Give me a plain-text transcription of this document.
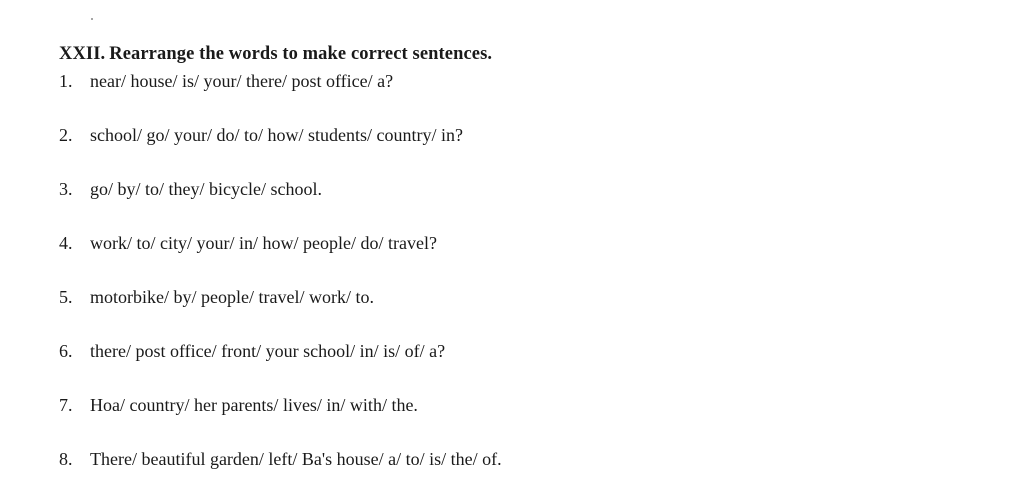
XXII. Rearrange the words to make correct sentences.
1. near/ house/ is/ your/ there/ post office/ a?
2. school/ go/ your/ do/ to/ how/ students/ country/ in?
3. go/ by/ to/ they/ bicycle/ school.
4. work/ to/ city/ your/ in/ how/ people/ do/ travel?
5. motorbike/ by/ people/ travel/ work/ to.
6. there/ post office/ front/ your school/ in/ is/ of/ a?
7. Hoa/ country/ her parents/ lives/ in/ with/ the.
8. There/ beautiful garden/ left/ Ba's house/ a/ to/ is/ the/ of.
